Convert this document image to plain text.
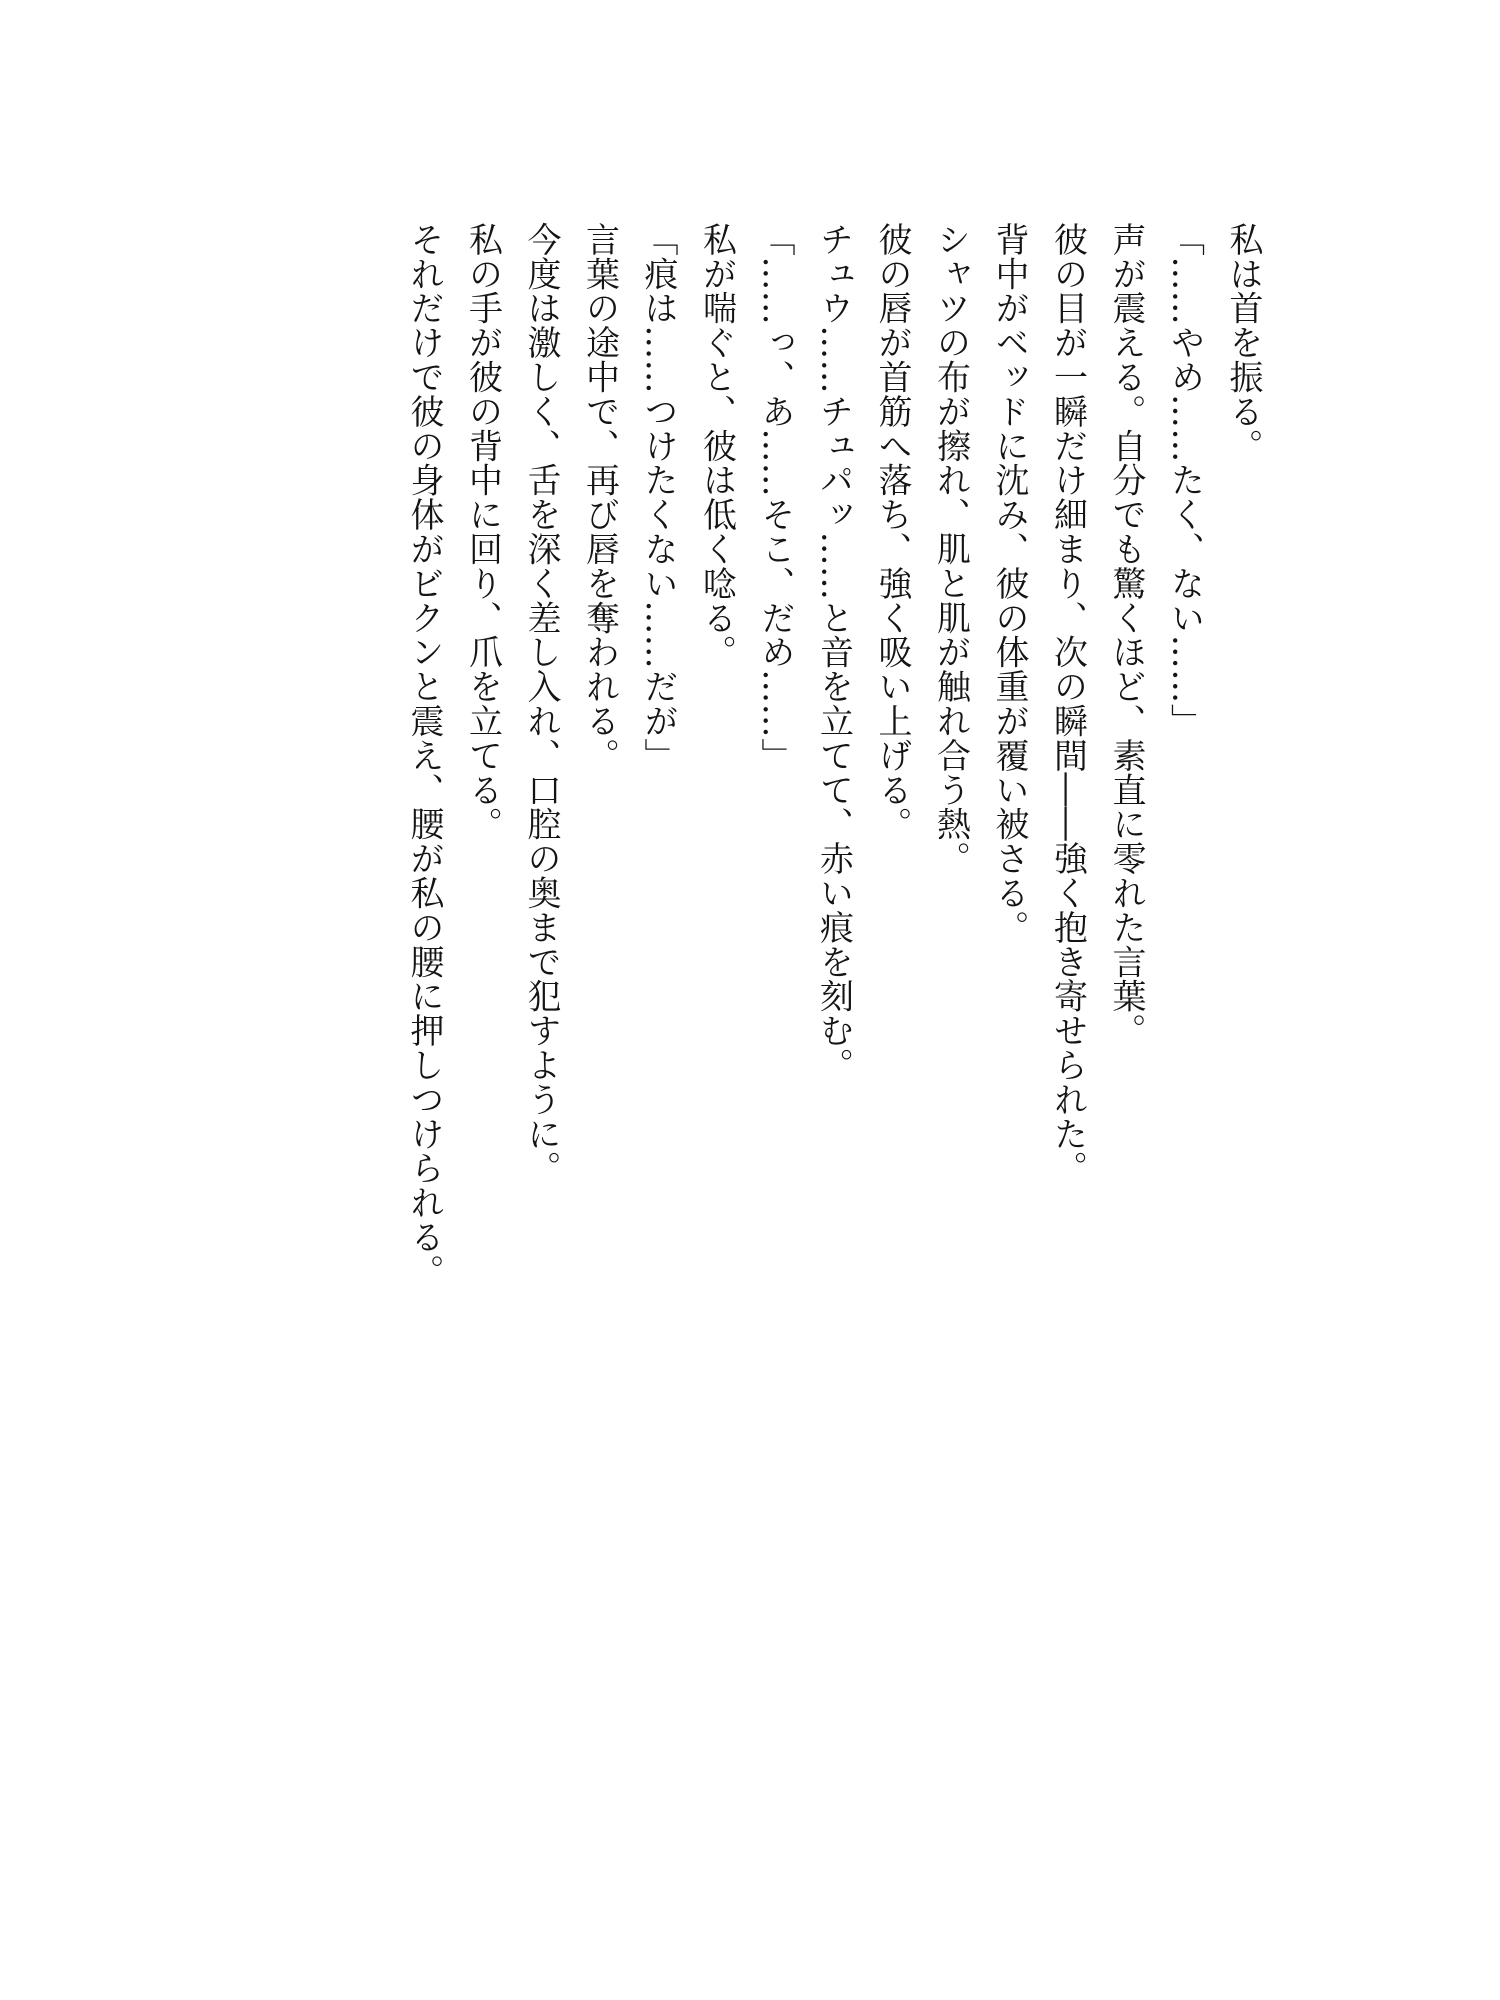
私は首を振る。

「……やめ……たく、ない……」

声が震える。自分でも驚くほど、素直に零れた言葉。

彼の目が一瞬だけ細まり、次の瞬間――強く抱き寄せられた。

背中がベッドに沈み、彼の体重が覆い被さる。

シャツの布が擦れ、肌と肌が触れ合う熱。

彼の唇が首筋へ落ち、強く吸い上げる。

チュウ……チュパッ……と音を立てて、赤い痕を刻む。

「……っ、あ……そこ、だめ……」

私が喘ぐと、彼は低く唸る。

「痕は……つけたくない……だが」

言葉の途中で、再び唇を奪われる。

今度は激しく、舌を深く差し入れ、口腔の奥まで犯すように。

私の手が彼の背中に回り、爪を立てる。

それだけで彼の身体がビクンと震え、腰が私の腰に押しつけられる。
